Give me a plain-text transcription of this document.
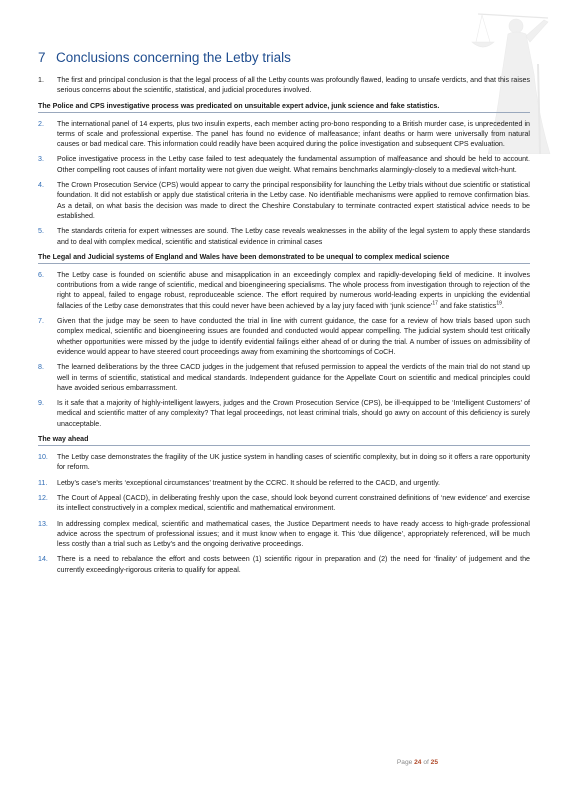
7 Conclusions concerning the Letby trials
1.	The first and principal conclusion is that the legal process of all the Letby counts was profoundly flawed, leading to unsafe verdicts, and that this raises serious concerns about the scientific, statistical, and judicial procedures involved.
The Police and CPS investigative process was predicated on unsuitable expert advice, junk science and fake statistics.
2.	The international panel of 14 experts, plus two insulin experts, each member acting pro-bono responding to a British murder case, is unprecedented in terms of scale and professional expertise. The panel has found no evidence of malfeasance; infant deaths or harm were universally from natural causes or bad medical care. This information could readily have been acquired during the police investigation and subsequent CPS evaluation.
3.	Police investigative process in the Letby case failed to test adequately the fundamental assumption of malfeasance and should be held to account. Other compelling root causes of infant mortality were not given due weight. What remains benchmarks alarmingly-closely to a medieval witch-hunt.
4.	The Crown Prosecution Service (CPS) would appear to carry the principal responsibility for launching the Letby trials without due scientific or statistical foundation. It did not establish or apply due statistical criteria in the Letby case. No identifiable mechanisms were applied to remove confirmation bias. As a detail, on what basis the decision was made to direct the Cheshire Constabulary to terminate contracted expert statistical advice needs to be established.
5.	The standards criteria for expert witnesses are sound. The Letby case reveals weaknesses in the ability of the legal system to apply these standards and to deal with complex medical, scientific and statistical evidence in criminal cases
The Legal and Judicial systems of England and Wales have been demonstrated to be unequal to complex medical science
6.	The Letby case is founded on scientific abuse and misapplication in an exceedingly complex and rapidly-developing field of medicine. It involves contributions from a wide range of scientific, medical and bioengineering specialisms. The whole process from investigation through to rejection of the right to appeal, failed to engage robust, reproduceable science. The effort required by numerous world-leading experts in unpicking the evidential fallacies of the Letby case demonstrates that this could never have been achieved by a lay jury faced with ‘junk science’$^{17}$ and fake statistics$^{19}$.
7.	Given that the judge may be seen to have conducted the trial in line with current guidance, the case for a review of how trials based upon such complex medical, scientific and bioengineering issues are founded and conducted would appear compelling. The judicial system should test critically whether opportunities were missed by the judge to identify evidential failings either ahead of or during the trial. A number of issues on admissibility of evidence would appear to have steered court proceedings away from examining the shortcomings of CoCH.
8.	The learned deliberations by the three CACD judges in the judgement that refused permission to appeal the verdicts of the main trial do not stand up well in terms of scientific, statistical and medical standards. Independent guidance for the Appellate Court on scientific and medical principles could have avoided serious embarrassment.
9.	Is it safe that a majority of highly-intelligent lawyers, judges and the Crown Prosecution Service (CPS), be ill-equipped to be ‘Intelligent Customers’ of medical and scientific matter of any complexity? That legal proceedings, not least criminal trials, should go awry on account of this deficiency is surely unacceptable.
The way ahead
10.	The Letby case demonstrates the fragility of the UK justice system in handling cases of scientific complexity, but in doing so it offers a rare opportunity for reform.
11.	Letby’s case’s merits ‘exceptional circumstances’ treatment by the CCRC. It should be referred to the CACD, and urgently.
12.	The Court of Appeal (CACD), in deliberating freshly upon the case, should look beyond current constrained definitions of ‘new evidence’ and exercise its intellect constructively in a complex medical, scientific and mathematical environment.
13.	In addressing complex medical, scientific and mathematical cases, the Justice Department needs to have ready access to high-grade professional advice across the spectrum of professional issues; and it must know when to engage it. This ‘due diligence’, appropriately referenced, will be much less costly than a trial such as Letby’s and the ongoing derivative proceedings.
14.	There is a need to rebalance the effort and costs between (1) scientific rigour in preparation and (2) the need for ‘finality’ of judgement and the currently exceedingly-rigorous criteria to qualify for appeal.
Page 24 of 25
